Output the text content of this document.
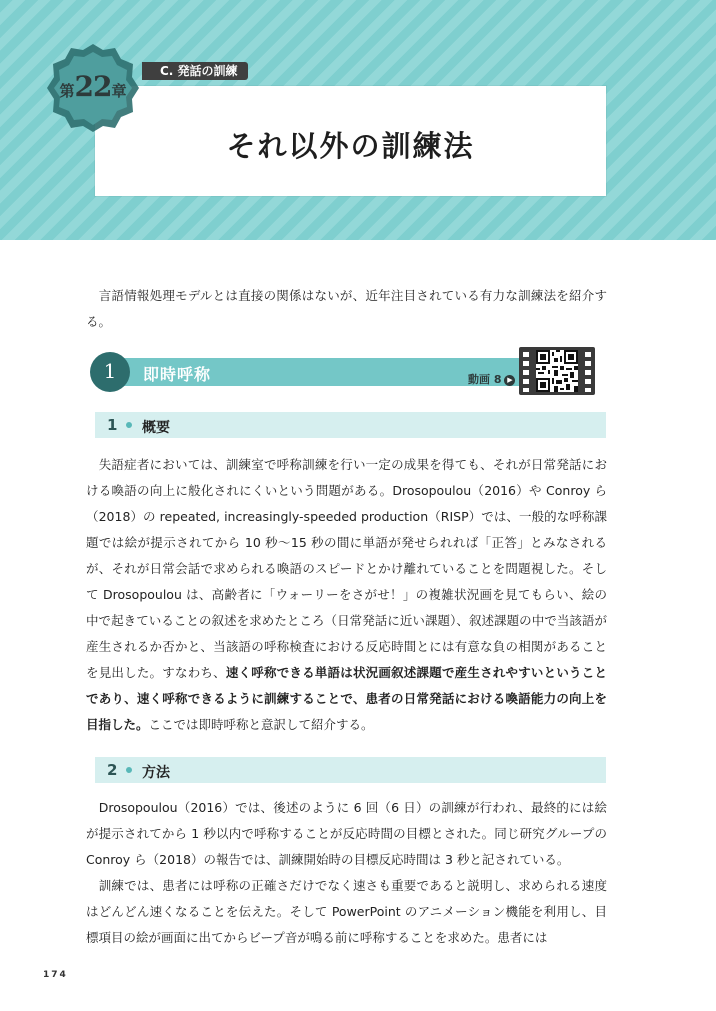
それ以外の訓練法
C. 発話の訓練
第22章

　言語情報処理モデルとは直接の関係はないが、近年注目されている有力な訓練法を紹介する。

1	即時呼称	動画 8 ▶
1 概要

　失語症者においては、訓練室で呼称訓練を行い一定の成果を得ても、それが日常発話における喚語の向上に般化されにくいという問題がある。Drosopoulou（2016）や Conroy ら（2018）の repeated, increasingly-speeded production（RISP）では、一般的な呼称課題では絵が提示されてから 10 秒〜15 秒の間に単語が発せられれば「正答」とみなされるが、それが日常会話で求められる喚語のスピードとかけ離れていることを問題視した。そして Drosopoulou は、高齢者に「ウォーリーをさがせ！」の複雑状況画を見てもらい、絵の中で起きていることの叙述を求めたところ（日常発話に近い課題）、叙述課題の中で当該語が産生されるか否かと、当該語の呼称検査における反応時間とには有意な負の相関があることを見出した。すなわち、速く呼称できる単語は状況画叙述課題で産生されやすいということであり、速く呼称できるように訓練することで、患者の日常発話における喚語能力の向上を目指した。ここでは即時呼称と意訳して紹介する。

2 方法

　Drosopoulou（2016）では、後述のように 6 回（6 日）の訓練が行われ、最終的には絵が提示されてから 1 秒以内で呼称することが反応時間の目標とされた。同じ研究グループの Conroy ら（2018）の報告では、訓練開始時の目標反応時間は 3 秒と記されている。

　訓練では、患者には呼称の正確さだけでなく速さも重要であると説明し、求められる速度はどんどん速くなることを伝えた。そして PowerPoint のアニメーション機能を利用し、目標項目の絵が画面に出てからビープ音が鳴る前に呼称することを求めた。患者には

174
